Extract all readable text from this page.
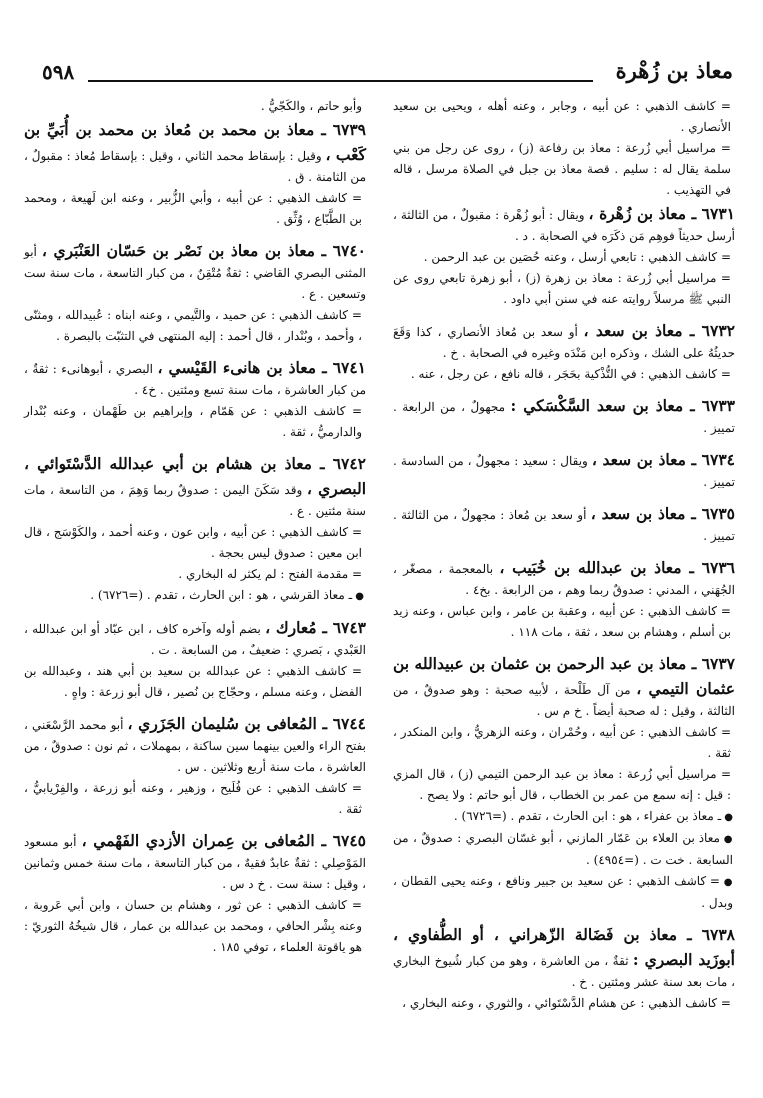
٥٩٨	معاذ بن زُهْرة
= كاشف الذهبي : عن أبيه ، وجابر ، وعنه أهله ، ويحيى بن سعيد الأنصاري .
= مراسيل أبي زُرعة : معاذ بن رفاعة (ز) ، روى عن رجل من بني سلمة يقال له : سليم . قصة معاذ بن جبل في الصلاة مرسل ، قاله في التهذيب .
٦٧٣١ ـ معاذ بن زُهْرة ، ويقال : أبو زُهْرة : مقبولٌ ، من الثالثة ، أرسل حديثاً فوهِم مَن ذكَرَه في الصحابة . د .
= كاشف الذهبي : تابعي أرسل ، وعنه حُصَين بن عبد الرحمن .
= مراسيل أبي زُرعة : معاذ بن زهرة (ز) ، أبو زهرة تابعي روى عن النبي ﷺ مرسلاً روايته عنه في سنن أبي داود .
٦٧٣٢ ـ معاذ بن سعد ، أو سعد بن مُعاذ الأنصاري ، كذا وَقَعَ حديثُهُ على الشك ، وذكره ابن مَنْدَه وغيره في الصحابة . خ .
= كاشف الذهبي : في التُّذْكية بحَجَر ، قاله نافع ، عن رجل ، عنه .
٦٧٣٣ ـ معاذ بن سعد السَّكْسَكي : مجهولٌ ، من الرابعة . تمييز .
٦٧٣٤ ـ معاذ بن سعد ، ويقال : سعيد : مجهولٌ ، من السادسة . تمييز .
٦٧٣٥ ـ معاذ بن سعد ، أو سعد بن مُعاذ : مجهولٌ ، من الثالثة . تمييز .
٦٧٣٦ ـ معاذ بن عبدالله بن خُبَيب ، بالمعجمة ، مصغّر ، الجُهَني ، المدني : صدوقٌ ربما وهم ، من الرابعة . بخ٤ .
= كاشف الذهبي : عن أبيه ، وعقبة بن عامر ، وابن عباس ، وعنه زيد بن أسلم ، وهشام بن سعد ، ثقة ، مات ١١٨ .
٦٧٣٧ ـ معاذ بن عبد الرحمن بن عثمان بن عبيدالله بن عثمان التيمي ، من آل طَلْحة ، لأبيه صحبة : وهو صدوقٌ ، من الثالثة ، وقيل : له صحبة أيضاً . خ م س .
= كاشف الذهبي : عن أبيه ، وحُمْران ، وعنه الزهريُّ ، وابن المنكدر ، ثقة .
= مراسيل أبي زُرعة : معاذ بن عبد الرحمن التيمي (ز) ، قال المزي : قيل : إنه سمع من عمر بن الخطاب ، قال أبو حاتم : ولا يصح .
● ـ معاذ بن عفراء ، هو : ابن الحارث ، تقدم . (=٦٧٢٦) .
● معاذ بن العلاء بن عَمّار المازني ، أبو غسّان البصري : صدوقٌ ، من السابعة . خت ت . (=٤٩٥٤) .
● = كاشف الذهبي : عن سعيد بن جبير ونافع ، وعنه يحيى القطان ، وبدل .
٦٧٣٨ ـ معاذ بن فَضَالة الزّهراني ، أو الطُّفاوي ، أبوزَيد البصري : ثقةٌ ، من العاشرة ، وهو من كبار شُيوخ البخاري ، مات بعد سنة عشر ومئتين . خ .
= كاشف الذهبي : عن هشام الدَّسْتَوائي ، والثوري ، وعنه البخاري ،
وأبو حاتم ، والكَجّيُّ .
٦٧٣٩ ـ معاذ بن محمد بن مُعاذ بن محمد بن أُبَيِّ بن كَعْب ، وقيل : بإسقاط محمد الثاني ، وقيل : بإسقاط مُعاذ : مقبولٌ ، من الثامنة . ق .
= كاشف الذهبي : عن أبيه ، وأبي الزُّبير ، وعنه ابن لَهيعة ، ومحمد بن الطَّبّاع ، وُثِّق .
٦٧٤٠ ـ معاذ بن معاذ بن نَصْر بن حَسّان العَنْبَري ، أبو المثنى البصري القاضي : ثقةٌ مُتْقِنٌ ، من كبار التاسعة ، مات سنة ست وتسعين . ع .
= كاشف الذهبي : عن حميد ، والتَّيمي ، وعنه ابناه : عُبيدالله ، ومثنّى ، وأحمد ، وبُنْدار ، قال أحمد : إليه المنتهى في التثبّت بالبصرة .
٦٧٤١ ـ معاذ بن هانىء القَيْسي ، البصري ، أبوهانىء : ثقةٌ ، من كبار العاشرة ، مات سنة تسع ومئتين . خ٤ .
= كاشف الذهبي : عن هَمّام ، وإبراهيم بن طَهْمان ، وعنه بُنْدار والدارميُّ ، ثقة .
٦٧٤٢ ـ معاذ بن هشام بن أبي عبدالله الدَّسْتَوائي ، البصري ، وقد سَكَنَ اليمن : صدوقٌ ربما وَهِمَ ، من التاسعة ، مات سنة مئتين . ع .
= كاشف الذهبي : عن أبيه ، وابن عون ، وعنه أحمد ، والكَوْسَج ، قال ابن معين : صدوق ليس بحجة .
= مقدمة الفتح : لم يكثر له البخاري .
● ـ معاذ القرشي ، هو : ابن الحارث ، تقدم . (=٦٧٢٦) .
٦٧٤٣ ـ مُعارك ، بضم أوله وآخره كاف ، ابن عبّاد أو ابن عبدالله ، العَبْدي ، بَصري : ضعيفٌ ، من السابعة . ت .
= كاشف الذهبي : عن عبدالله بن سعيد بن أبي هند ، وعبدالله بن الفضل ، وعنه مسلم ، وحجّاج بن نُصير ، قال أبو زرعة : واهٍ .
٦٧٤٤ ـ المُعافى بن سُليمان الجَزَري ، أبو محمد الرَّسْعَني ، بفتح الراء والعين بينهما سين ساكنة ، بمهملات ، ثم نون : صدوقٌ ، من العاشرة ، مات سنة أربع وثلاثين . س .
= كاشف الذهبي : عن فُلَيح ، وزهير ، وعنه أبو زرعة ، والفِرْيابيُّ ، ثقة .
٦٧٤٥ ـ المُعافى بن عِمران الأزدي الفَهْمي ، أبو مسعود المَوْصِلي : ثقةٌ عابدٌ فقيهٌ ، من كبار التاسعة ، مات سنة خمس وثمانين ، وقيل : سنة ست . خ د س .
= كاشف الذهبي : عن ثور ، وهشام بن حسان ، وابن أبي عَروبة ، وعنه بِشْر الحافي ، ومحمد بن عبدالله بن عمار ، قال شيخُهُ الثوريّ : هو ياقوتة العلماء ، توفي ١٨٥ .
